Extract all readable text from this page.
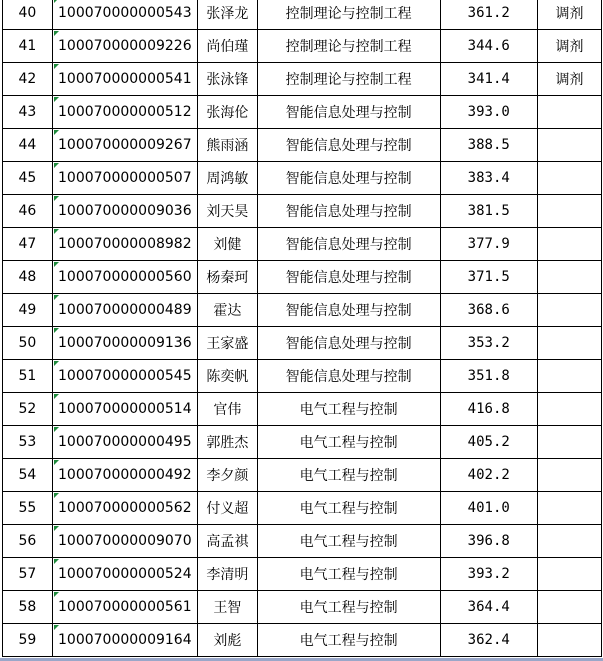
40	100070000000543	张泽龙	控制理论与控制工程	361.2	调剂
41	100070000009226	尚伯瑾	控制理论与控制工程	344.6	调剂
42	100070000000541	张泳锋	控制理论与控制工程	341.4	调剂
43	100070000000512	张海伦	智能信息处理与控制	393.0	
44	100070000009267	熊雨涵	智能信息处理与控制	388.5	
45	100070000000507	周鸿敏	智能信息处理与控制	383.4	
46	100070000009036	刘天昊	智能信息处理与控制	381.5	
47	100070000008982	刘健	智能信息处理与控制	377.9	
48	100070000000560	杨秦珂	智能信息处理与控制	371.5	
49	100070000000489	霍达	智能信息处理与控制	368.6	
50	100070000009136	王家盛	智能信息处理与控制	353.2	
51	100070000000545	陈奕帆	智能信息处理与控制	351.8	
52	100070000000514	官伟	电气工程与控制	416.8	
53	100070000000495	郭胜杰	电气工程与控制	405.2	
54	100070000000492	李夕颜	电气工程与控制	402.2	
55	100070000000562	付义超	电气工程与控制	401.0	
56	100070000009070	高孟祺	电气工程与控制	396.8	
57	100070000000524	李清明	电气工程与控制	393.2	
58	100070000000561	王智	电气工程与控制	364.4	
59	100070000009164	刘彪	电气工程与控制	362.4	
